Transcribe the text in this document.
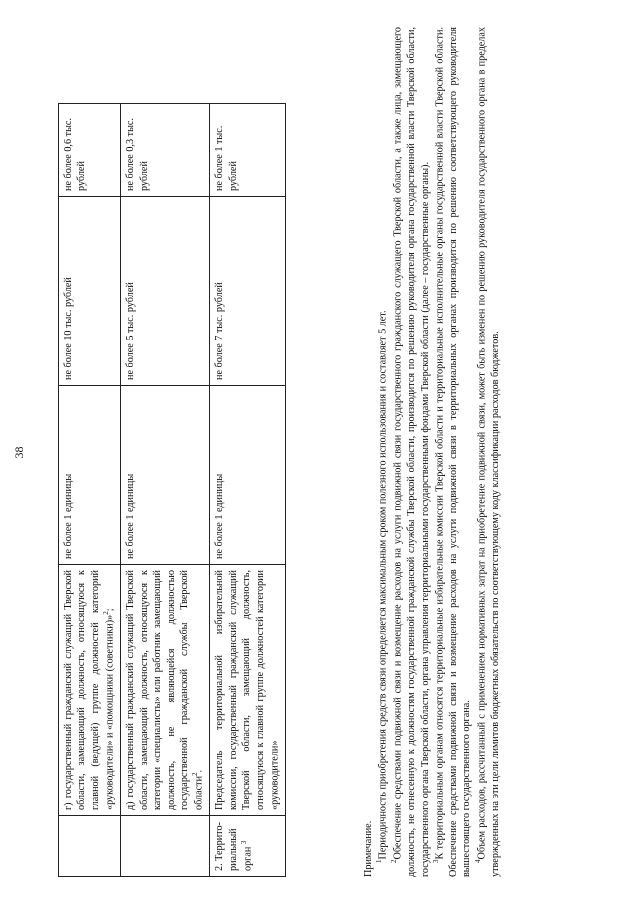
38
	г) государственный гражданский служащий Тверской области, замещающий должность, относящуюся к главной (ведущей) группе должностей категорий «руководители» и «помощники (советники)»$^2$;	не более 1 единицы	не более 10 тыс. рублей	не более 0,6 тыс. рублей
	д) государственный гражданский служащий Тверской области, замещающий должность, относящуюся к категории «специалисты» или работник замещающий должность, не являющейся должностью государственной гражданской службы Тверской области$^2$.	не более 1 единицы	не более 5 тыс. рублей	не более 0,3 тыс. рублей
2. Террито-риальный орган $^3$	Председатель территориальной избирательной комиссии, государственный гражданский служащий Тверской области, замещающий должность, относящуюся к главной группе должностей категории «руководители»	не более 1 единицы	не более 7 тыс. рублей	не более 1 тыс. рублей

Примечание. $^1$Периодичность приобретения средств связи определяется максимальным сроком полезного использования и составляет 5 лет.

$^2$Обеспечение средствами подвижной связи и возмещение расходов на услуги подвижной связи государственного гражданского служащего Тверской области, а также лица, замещающего должность, не отнесенную к должностям государственной гражданской службы Тверской области, производится по решению руководителя органа государственной власти Тверской области, государственного органа Тверской области, органа управления территориальными государственными фондами Тверской области (далее – государственные органы). $^3$К территориальным органам относятся территориальные избирательные комиссии Тверской области и территориальные исполнительные органы государственной власти Тверской области. Обеспечение средствами подвижной связи и возмещение расходов на услуги подвижной связи в территориальных органах производится по решению соответствующего руководителя вышестоящего государственного органа. $^4$Объем расходов, рассчитанный с применением нормативных затрат на приобретение подвижной связи, может быть изменен по решению руководителя государственного органа в пределах утвержденных на эти цели лимитов бюджетных обязательств по соответствующему коду классификации расходов бюджетов.
